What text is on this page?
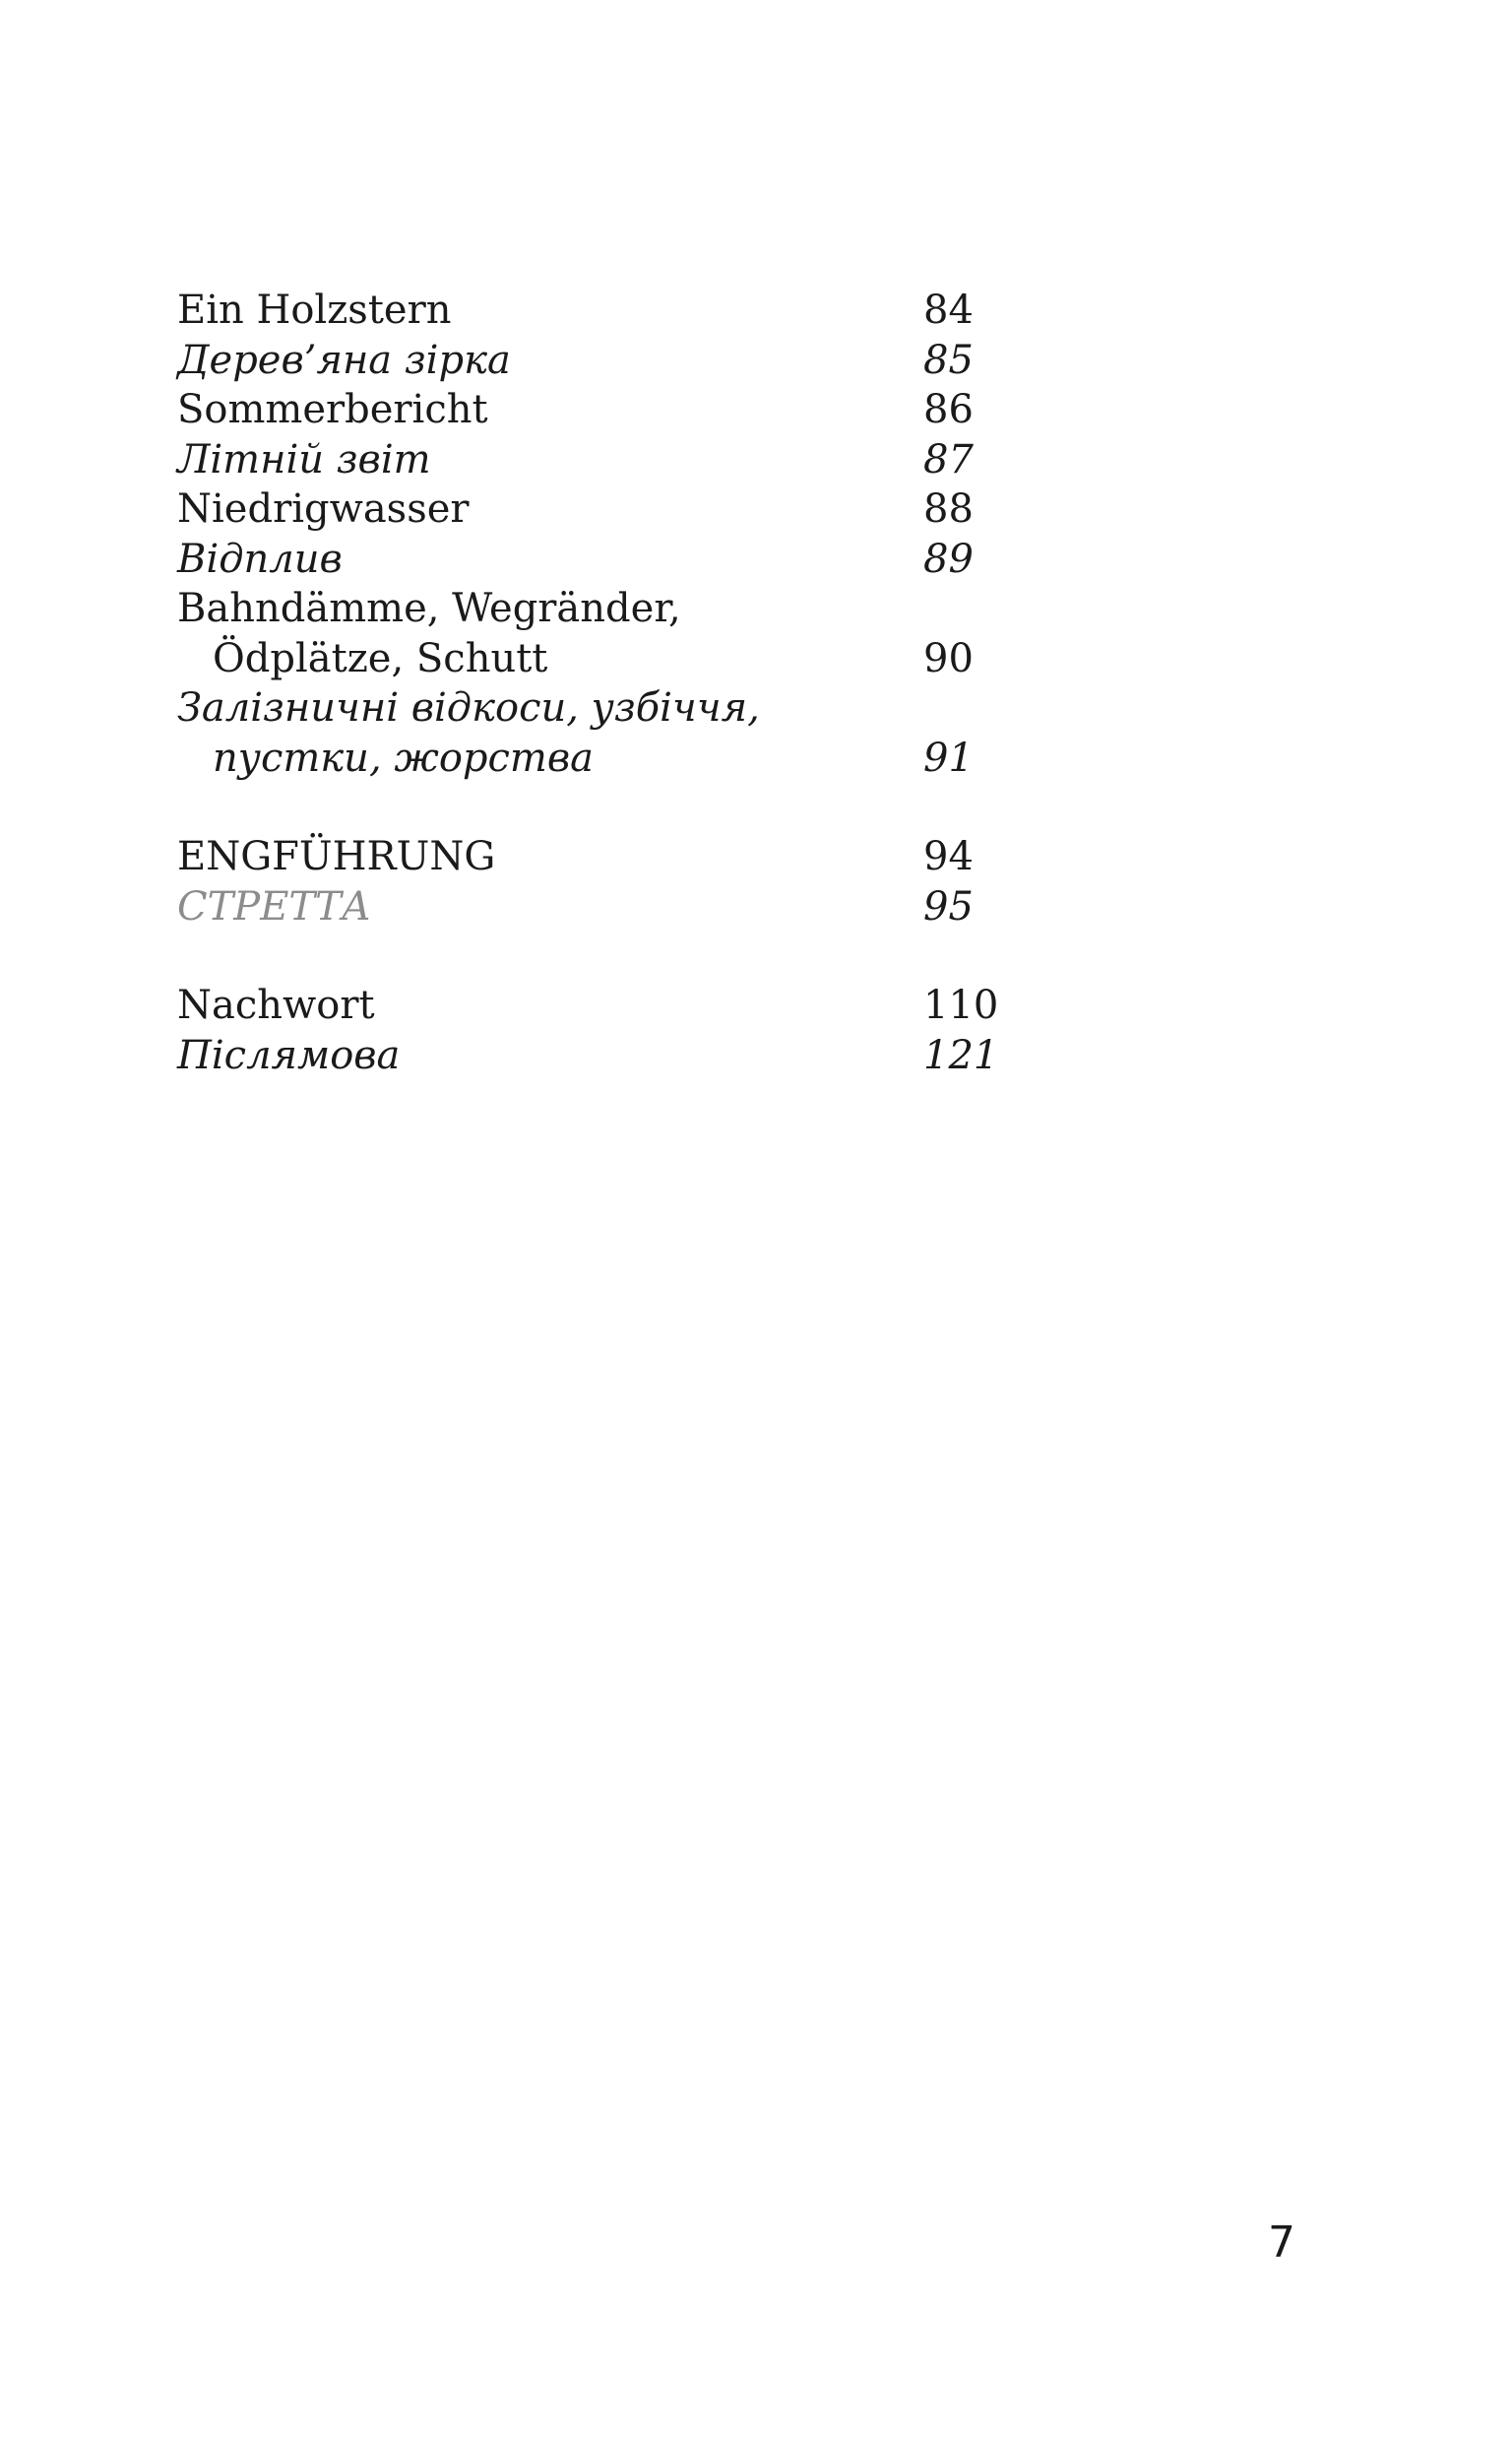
Ein Holzstern	84
Дерев’яна зірка	85
Sommerbericht	86
Літній звіт	87
Niedrigwasser	88
Відплив	89
Bahndämme, Wegränder,
Ödplätze, Schutt	90
Залізничні відкоси, узбіччя,
пустки, жорства	91
ENGFÜHRUNG	94
СТРЕТТА	95
Nachwort	110
Післямова	121
7
